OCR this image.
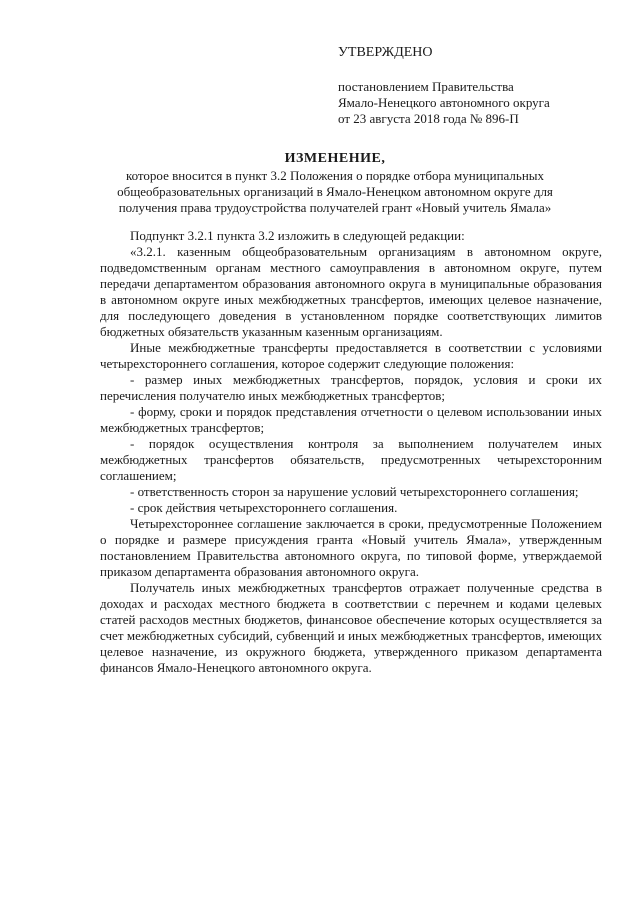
УТВЕРЖДЕНО
постановлением Правительства
Ямало-Ненецкого автономного округа
от 23 августа 2018 года № 896-П
ИЗМЕНЕНИЕ,
которое вносится в пункт 3.2 Положения о порядке отбора муниципальных
общеобразовательных организаций в Ямало-Ненецком автономном округе для
получения права трудоустройства получателей грант «Новый учитель Ямала»

Подпункт 3.2.1 пункта 3.2 изложить в следующей редакции:

«3.2.1. казенным общеобразовательным организациям в автономном округе, подведомственным органам местного самоуправления в автономном округе, путем передачи департаментом образования автономного округа в муниципальные образования в автономном округе иных межбюджетных трансфертов, имеющих целевое назначение, для последующего доведения в установленном порядке соответствующих лимитов бюджетных обязательств указанным казенным организациям.

Иные межбюджетные трансферты предоставляется в соответствии с условиями четырехстороннего соглашения, которое содержит следующие положения:

- размер иных межбюджетных трансфертов, порядок, условия и сроки их перечисления получателю иных межбюджетных трансфертов;

- форму, сроки и порядок представления отчетности о целевом использовании иных межбюджетных трансфертов;

- порядок осуществления контроля за выполнением получателем иных межбюджетных трансфертов обязательств, предусмотренных четырехсторонним соглашением;

- ответственность сторон за нарушение условий четырехстороннего соглашения;

- срок действия четырехстороннего соглашения.

Четырехстороннее соглашение заключается в сроки, предусмотренные Положением о порядке и размере присуждения гранта «Новый учитель Ямала», утвержденным постановлением Правительства автономного округа, по типовой форме, утверждаемой приказом департамента образования автономного округа.

Получатель иных межбюджетных трансфертов отражает полученные средства в доходах и расходах местного бюджета в соответствии с перечнем и кодами целевых статей расходов местных бюджетов, финансовое обеспечение которых осуществляется за счет межбюджетных субсидий, субвенций и иных межбюджетных трансфертов, имеющих целевое назначение, из окружного бюджета, утвержденного приказом департамента финансов Ямало-Ненецкого автономного округа.
